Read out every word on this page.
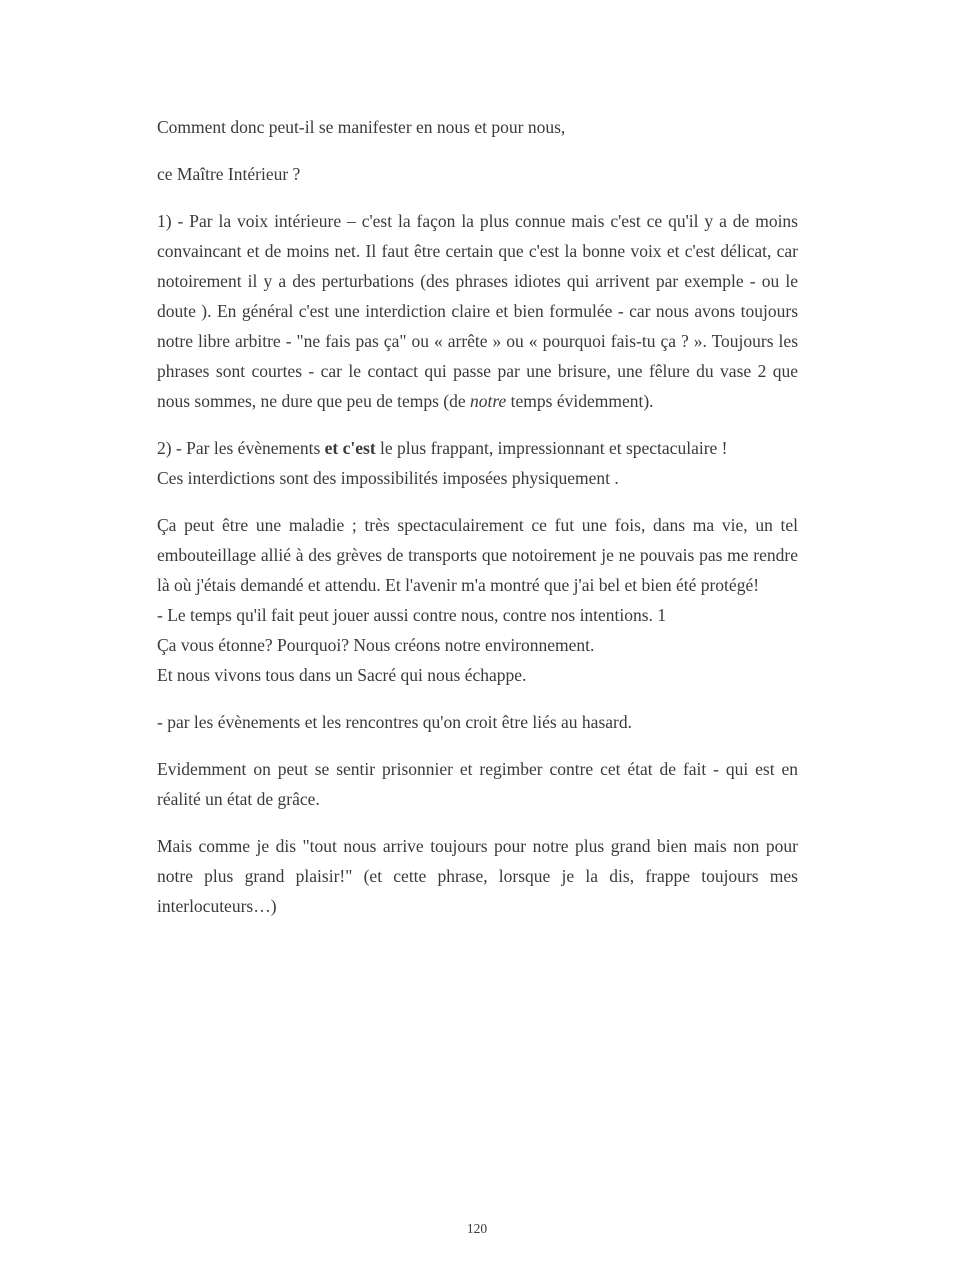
Comment donc peut-il se manifester en nous et pour nous,

ce Maître Intérieur ?

1) - Par la voix intérieure – c'est la façon la plus connue mais c'est ce qu'il y a de moins convaincant et de moins net. Il faut être certain que c'est la bonne voix et c'est délicat, car notoirement il y a des perturbations (des phrases idiotes qui arrivent par exemple - ou le doute ). En général c'est une interdiction claire et bien formulée - car nous avons toujours notre libre arbitre - "ne fais pas ça" ou « arrête » ou « pourquoi fais-tu ça ? ». Toujours les phrases sont courtes - car le contact qui passe par une brisure, une fêlure du vase 2 que nous sommes, ne dure que peu de temps (de notre temps évidemment).

2) - Par les évènements et c'est le plus frappant, impressionnant et spectaculaire !
Ces interdictions sont des impossibilités imposées physiquement .

Ça peut être une maladie ; très spectaculairement ce fut une fois, dans ma vie, un tel embouteillage allié à des grèves de transports que notoirement je ne pouvais pas me rendre là où j'étais demandé et attendu. Et l'avenir m'a montré que j'ai bel et bien été protégé!
- Le temps qu'il fait peut jouer aussi contre nous, contre nos intentions. 1
Ça vous étonne? Pourquoi? Nous créons notre environnement.
Et nous vivons tous dans un Sacré qui nous échappe.

- par les évènements et les rencontres qu'on croit être liés au hasard.

Evidemment on peut se sentir prisonnier et regimber contre cet état de fait - qui est en réalité un état de grâce.

Mais comme je dis "tout nous arrive toujours pour notre plus grand bien mais non pour notre plus grand plaisir!" (et cette phrase, lorsque je la dis, frappe toujours mes interlocuteurs…)

120
